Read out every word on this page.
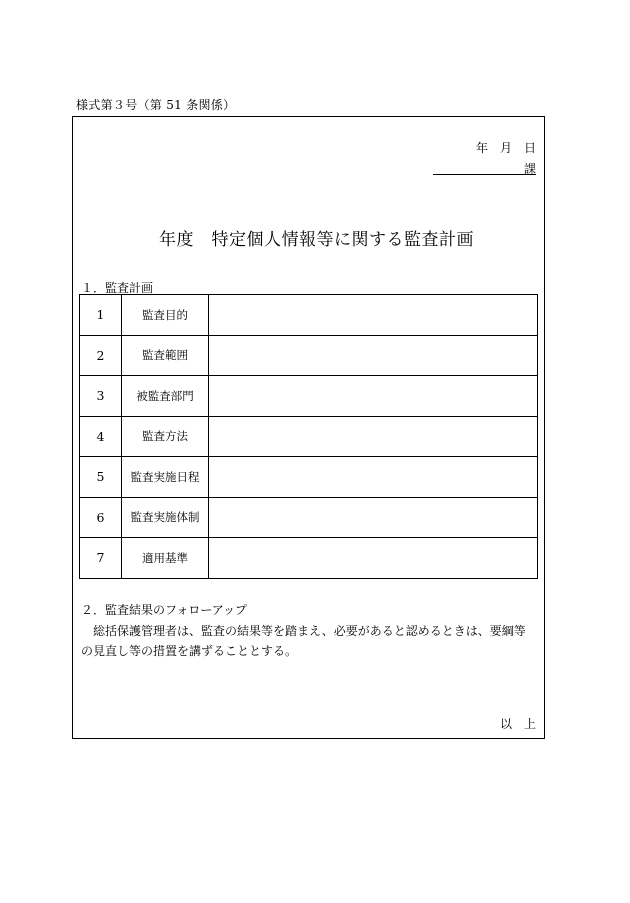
様式第３号（第 51 条関係）
年　月　日
課
年度　特定個人情報等に関する監査計画
１．監査計画
1	監査目的	
2	監査範囲	
3	被監査部門	
4	監査方法	
5	監査実施日程	
6	監査実施体制	
7	適用基準	
２．監査結果のフォローアップ
総括保護管理者は、監査の結果等を踏まえ、必要があると認めるときは、要綱等の見直し等の措置を講ずることとする。
以　上
